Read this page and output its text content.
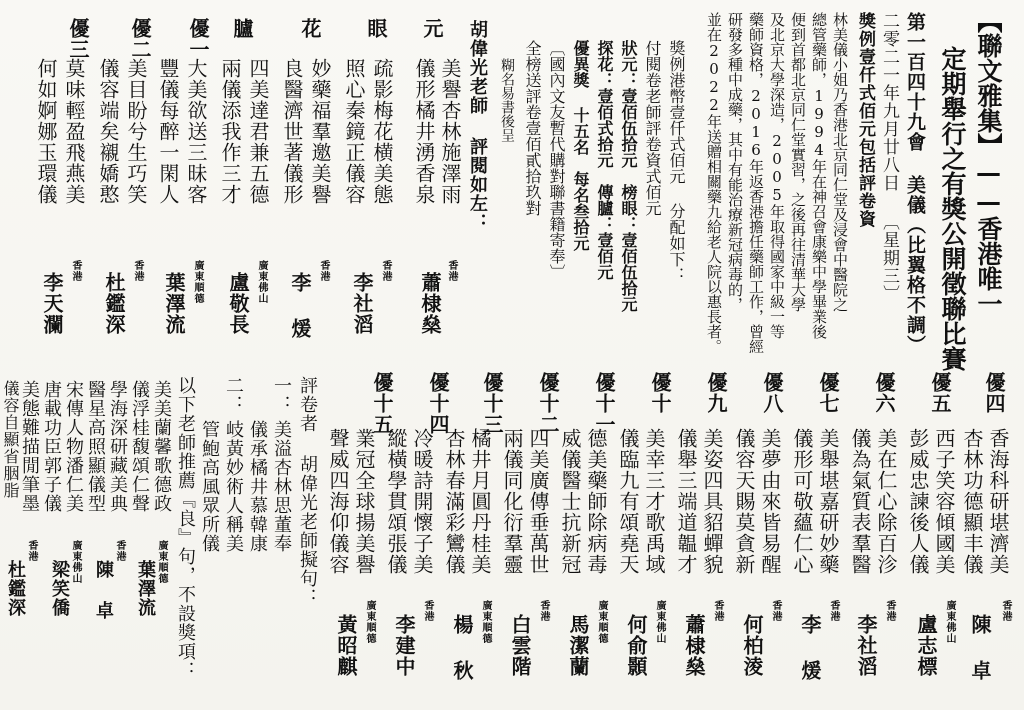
【聯文雅集】——香港唯一
定期舉行之有獎公開徵聯比賽
第一百四十九會 美儀（比翼格不調）
二零二一年九月廿八日 〔星期三〕
獎例壹仟式佰元包括評卷資
林美儀小姐乃香港北京同仁堂及浸會中醫院之
總管藥師，1994年在神召會康樂中學畢業後
便到首都北京同仁堂實習，之後再往清華大學
及北京大學深造，2005年取得國家中級一等
藥師資格，2016年返香港擔任藥師工作，曾經
研發多種中成藥，其中有能治療新冠病毒的，
並在2022年送贈相關藥九給老人院以惠長者。
獎例港幣壹仟式佰元 分配如下：
付閱卷老師評卷資式佰元
狀元：壹佰伍拾元　榜眼：壹佰伍拾元
探花：壹佰式拾元　傳臚：壹佰元
優異獎 十五名　每名叁拾元
〔國內文友暫代購對聯書籍寄奉〕
全榜送評卷壹佰貳拾玖對
糊名易書後呈
胡偉光老師 評閱如左：
元
美譽杏林施澤雨
儀形橘井湧香泉
香港
蕭棣燊
眼
疏影梅花横美態
照心秦鏡正儀容
香港
李社滔
花
妙藥福羣邀美譽
良醫濟世著儀形
香港
李 煖
臚
四美達君兼五德
兩儀添我作三才
廣東佛山
盧敬長
優一
大美欲送三昧客
豐儀每醉一閑人
廣東順德
葉澤流
優二
美目盼兮生巧笑
儀容端矣襯嬌憨
香港
杜鑑深
優三
莫味輕盈飛燕美
何如婀娜玉環儀
香港
李天瀾
優四
香海科研堪濟美
杏林功德顯丰儀
香港
陳 卓
優五
西子笑容傾國美
彭威忠諫後人儀
廣東佛山
盧志標
優六
美在仁心除百沴
儀為氣質表羣醫
香港
李社滔
優七
美舉堪嘉研妙藥
儀形可敬蘊仁心
香港
李 煖
優八
美夢由來皆易醒
儀容天賜莫貪新
香港
何柏淩
優九
美姿四具貂蟬貌
儀舉三端道韞才
香港
蕭棣燊
優十
美幸三才歌禹域
儀臨九有頌堯天
廣東佛山
何俞顥
優十一
德美藥師除病毒
威儀醫士抗新冠
廣東順德
馬潔蘭
優十二
四美廣傳垂萬世
兩儀同化衍羣靈
香港
白雲階
優十三
橘井月圓丹桂美
杏林春滿彩鸞儀
廣東順德
楊 秋
優十四
冷暖詩開懷子美
縱橫學貫頌張儀
香港
李建中
優十五
業冠全球揚美譽
聲威四海仰儀容
廣東順德
黃昭麒
評卷者 胡偉光老師擬句：
一：
美溢杏林思董奉
儀承橘井慕韓康
二：
岐黃妙術人稱美
管鮑高風眾所儀
以下老師推薦『良』句，不設獎項：
美美蘭馨歌德政
儀浮桂馥頌仁聲
廣東順德
葉澤流
學海深研藏美典
醫星高照顯儀型
香港
陳 卓
宋傳人物潘仁美
唐載功臣郭子儀
廣東佛山
梁笑僑
美態難描閒筆墨
儀容自顯省胭脂
香港
杜鑑深
